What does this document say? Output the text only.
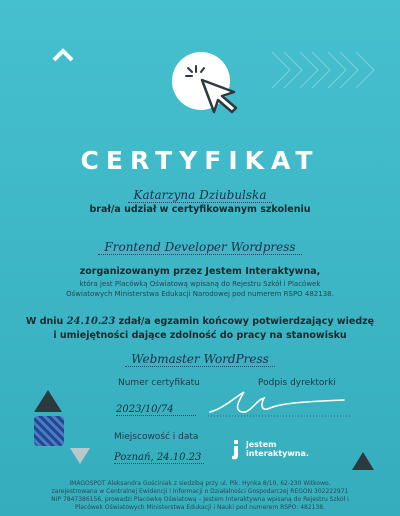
CERTYFIKAT
Katarzyna Dziubulska
brał/a udział w certyfikowanym szkoleniu
Frontend Developer Wordpress
zorganizowanym przez Jestem Interaktywna,
która jest Placówką Oświatową wpisaną do Rejestru Szkół i Placówek
Oświatowych Ministerstwa Edukacji Narodowej pod numerem RSPO 482138.
W dniu 24.10.23 zdał/a egzamin końcowy potwierdzający wiedzę
i umiejętności dające zdolność do pracy na stanowisku
Webmaster WordPress
Numer certyfikatu
2023/10/74
Podpis dyrektorki
Miejscowość i data
Poznań, 24.10.23
jestem
interaktywna.
IMAGOSPOT Aleksandra Gościniak z siedzibą przy ul. Plk. Hynka 8/10, 62-230 Witkowo,
zarejestrowana w Centralnej Ewidencji i Informacji o Działalności Gospodarczej REGON 302222971
NIP 7847386156, prowadzi Placówkę Oświatową – Jestem Interaktywna wpisaną do Rejestru Szkół i
Placówek Oświatowych Ministerstwa Edukacji i Nauki pod numerem RSPO: 482138.
